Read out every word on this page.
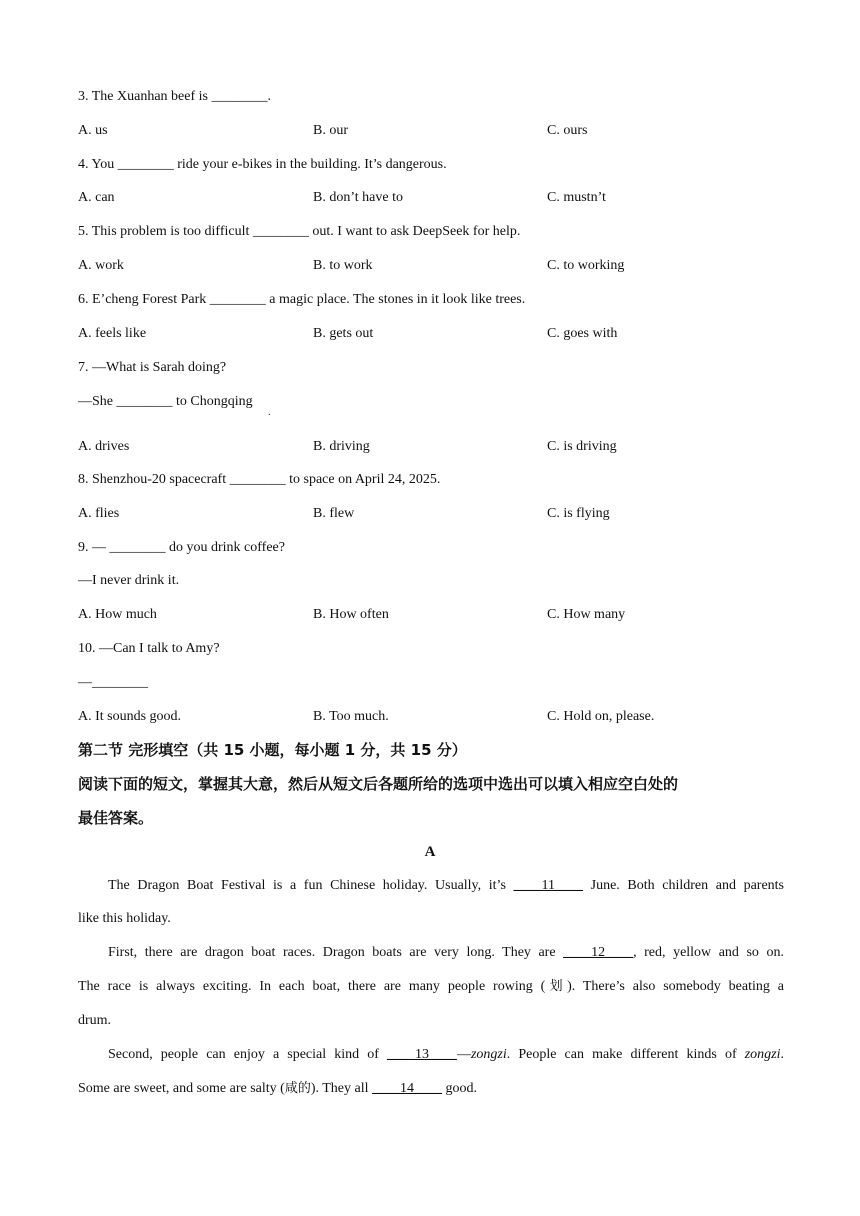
3. The Xuanhan beef is ________.
A. us	B. our	C. ours
4. You ________ ride your e-bikes in the building. It’s dangerous.
A. can	B. don’t have to	C. mustn’t
5. This problem is too difficult ________ out. I want to ask DeepSeek for help.
A. work	B. to work	C. to working
6. E’cheng Forest Park ________ a magic place. The stones in it look like trees.
A. feels like	B. gets out	C. goes with
7. —What is Sarah doing?
—She ________ to Chongqing
.
A. drives	B. driving	C. is driving
8. Shenzhou-20 spacecraft ________ to space on April 24, 2025.
A. flies	B. flew	C. is flying
9. — ________ do you drink coffee?
—I never drink it.
A. How much	B. How often	C. How many
10. —Can I talk to Amy?
—________
A. It sounds good.	B. Too much.	C. Hold on, please.
第二节 完形填空（共 15 小题，每小题 1 分，共 15 分）
阅读下面的短文，掌握其大意，然后从短文后各题所给的选项中选出可以填入相应空白处的
最佳答案。
A
The Dragon Boat Festival is a fun Chinese holiday. Usually, it’s ____11____ June. Both children and parents
like this holiday.
First, there are dragon boat races. Dragon boats are very long. They are ____12____, red, yellow and so on.
The race is always exciting. In each boat, there are many people rowing (划). There’s also somebody beating a
drum.
Second, people can enjoy a special kind of ____13____—zongzi. People can make different kinds of zongzi.
Some are sweet, and some are salty (咸的). They all ____14____ good.
